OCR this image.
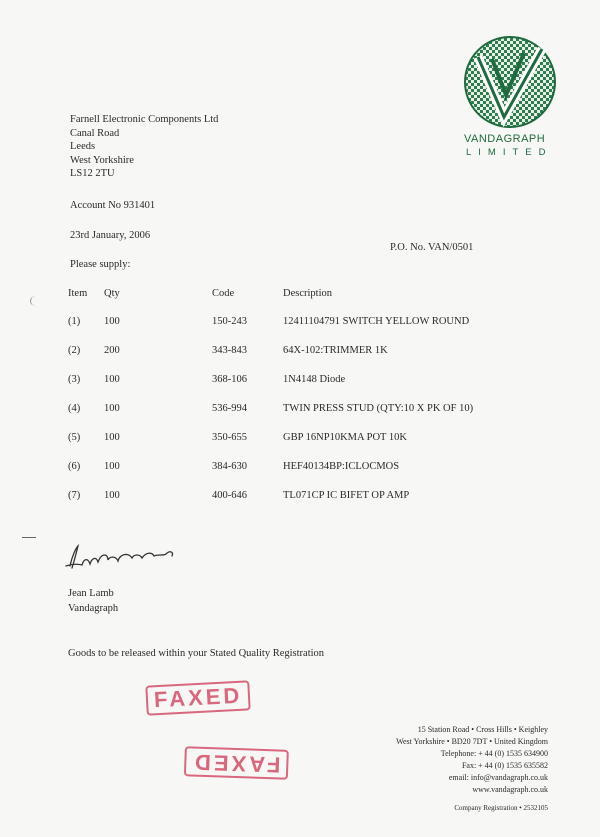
VANDAGRAPH
LIMITED
Farnell Electronic Components Ltd
Canal Road
Leeds
West Yorkshire
LS12 2TU
Account No 931401
23rd January, 2006
P.O. No. VAN/0501
Please supply:
Item Qty	Code	Description
(1) 100	150-243	12411104791 SWITCH YELLOW ROUND
(2) 200	343-843	64X-102:TRIMMER 1K
(3) 100	368-106	1N4148 Diode
(4) 100	536-994	TWIN PRESS STUD (QTY:10 X PK OF 10)
(5) 100	350-655	GBP 16NP10KMA POT 10K
(6) 100	384-630	HEF40134BP:ICLOCMOS
(7) 100	400-646	TL071CP IC BIFET OP AMP
Jean Lamb
Vandagraph
Goods to be released within your Stated Quality Registration
FAXED
FAXED
15 Station Road • Cross Hills • Keighley
West Yorkshire • BD20 7DT • United Kingdom
Telephone: + 44 (0) 1535 634900
Fax: + 44 (0) 1535 635582
email: info@vandagraph.co.uk
www.vandagraph.co.uk
Company Registration • 2532105
